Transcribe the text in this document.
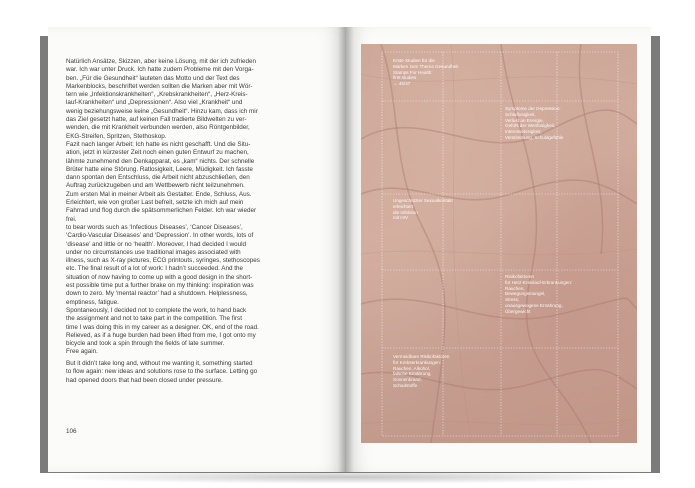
Natürlich Ansätze, Skizzen, aber keine Lösung, mit der ich zufrieden
war. Ich war unter Druck. Ich hatte zudem Probleme mit den Vorga-
ben. „Für die Gesundheit“ lauteten das Motto und der Text des
Markenblocks, beschriftet werden sollten die Marken aber mit Wör-
tern wie „Infektionskrankheiten“, „Krebskrankheiten“, „Herz-Kreis-
lauf-Krankheiten“ und „Depressionen“. Also viel „Krankheit“ und
wenig beziehungsweise keine „Gesundheit“. Hinzu kam, dass ich mir
das Ziel gesetzt hatte, auf keinen Fall tradierte Bildwelten zu ver-
wenden, die mit Krankheit verbunden werden, also Röntgenbilder,
EKG-Streifen, Spritzen, Stethoskop.
Fazit nach langer Arbeit: Ich hatte es nicht geschafft. Und die Situ-
ation, jetzt in kürzester Zeit noch einen guten Entwurf zu machen,
lähmte zunehmend den Denkapparat, es „kam“ nichts. Der schnelle
Brüter hatte eine Störung. Ratlosigkeit, Leere, Müdigkeit. Ich fasste
dann spontan den Entschluss, die Arbeit nicht abzuschließen, den
Auftrag zurückzugeben und am Wettbewerb nicht teilzunehmen.
Zum ersten Mal in meiner Arbeit als Gestalter. Ende, Schluss, Aus.
Erleichtert, wie von großer Last befreit, setzte ich mich auf mein
Fahrrad und flog durch die spätsommerlichen Felder. Ich war wieder
frei.

to bear words such as ‘Infectious Diseases’, ‘Cancer Diseases’,
‘Cardio-Vascular Diseases’ and ‘Depression’. In other words, lots of
‘disease’ and little or no ‘health’. Moreover, I had decided I would
under no circumstances use traditional images associated with
illness, such as X-ray pictures, ECG printouts, syringes, stethoscopes
etc. The final result of a lot of work: I hadn’t succeeded. And the
situation of now having to come up with a good design in the short-
est possible time put a further brake on my thinking: inspiration was
down to zero. My ‘mental reactor’ had a shutdown. Helplessness,
emptiness, fatigue.
Spontaneously, I decided not to complete the work, to hand back
the assignment and not to take part in the competition. The first
time I was doing this in my career as a designer. OK, end of the road.
Relieved, as if a huge burden had been lifted from me, I got onto my
bicycle and took a spin through the fields of late summer.
Free again.

But it didn’t take long and, without me wanting it, something started
to flow again: new ideas and solutions rose to the surface. Letting go
had opened doors that had been closed under pressure.

106

Erste Studien für die
Marken zum Thema Gesundheit
Stamps For Health:
first studies
→ 46/47

Symptome der Depression:
Schlaflosigkeit,
Verlust an Energie,
Gefühl der Wertlosigkeit,
Interesselosigkeit,
Verstimmung, Schuldgefühle

Ungeschützter Sexualkontakt
erleichtert
die Infektion
mit HIV

Risikofaktoren
für Herz-Kreislauf-Erkrankungen:
Rauchen,
Bewegungsmangel,
Stress,
unausgewogene Ernährung,
Übergewicht

Vermeidbare Risikofaktoren
für Krebserkrankungen:
Rauchen, Alkohol,
falsche Ernährung,
Sonnenbrand,
Schadstoffe
